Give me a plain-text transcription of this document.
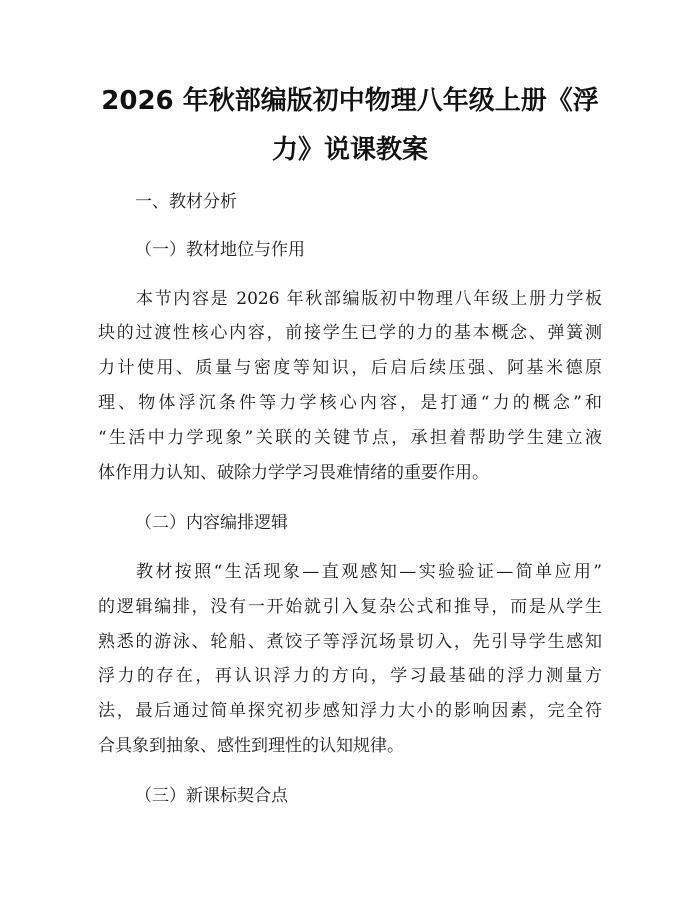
2026 年秋部编版初中物理八年级上册《浮
力》说课教案
一、教材分析
（一）教材地位与作用
本节内容是 2026 年秋部编版初中物理八年级上册力学板
块的过渡性核心内容，前接学生已学的力的基本概念、弹簧测
力计使用、质量与密度等知识，后启后续压强、阿基米德原
理、物体浮沉条件等力学核心内容，是打通“力的概念”和
“生活中力学现象”关联的关键节点，承担着帮助学生建立液
体作用力认知、破除力学学习畏难情绪的重要作用。
（二）内容编排逻辑
教材按照“生活现象—直观感知—实验验证—简单应用”
的逻辑编排，没有一开始就引入复杂公式和推导，而是从学生
熟悉的游泳、轮船、煮饺子等浮沉场景切入，先引导学生感知
浮力的存在，再认识浮力的方向，学习最基础的浮力测量方
法，最后通过简单探究初步感知浮力大小的影响因素，完全符
合具象到抽象、感性到理性的认知规律。
（三）新课标契合点
